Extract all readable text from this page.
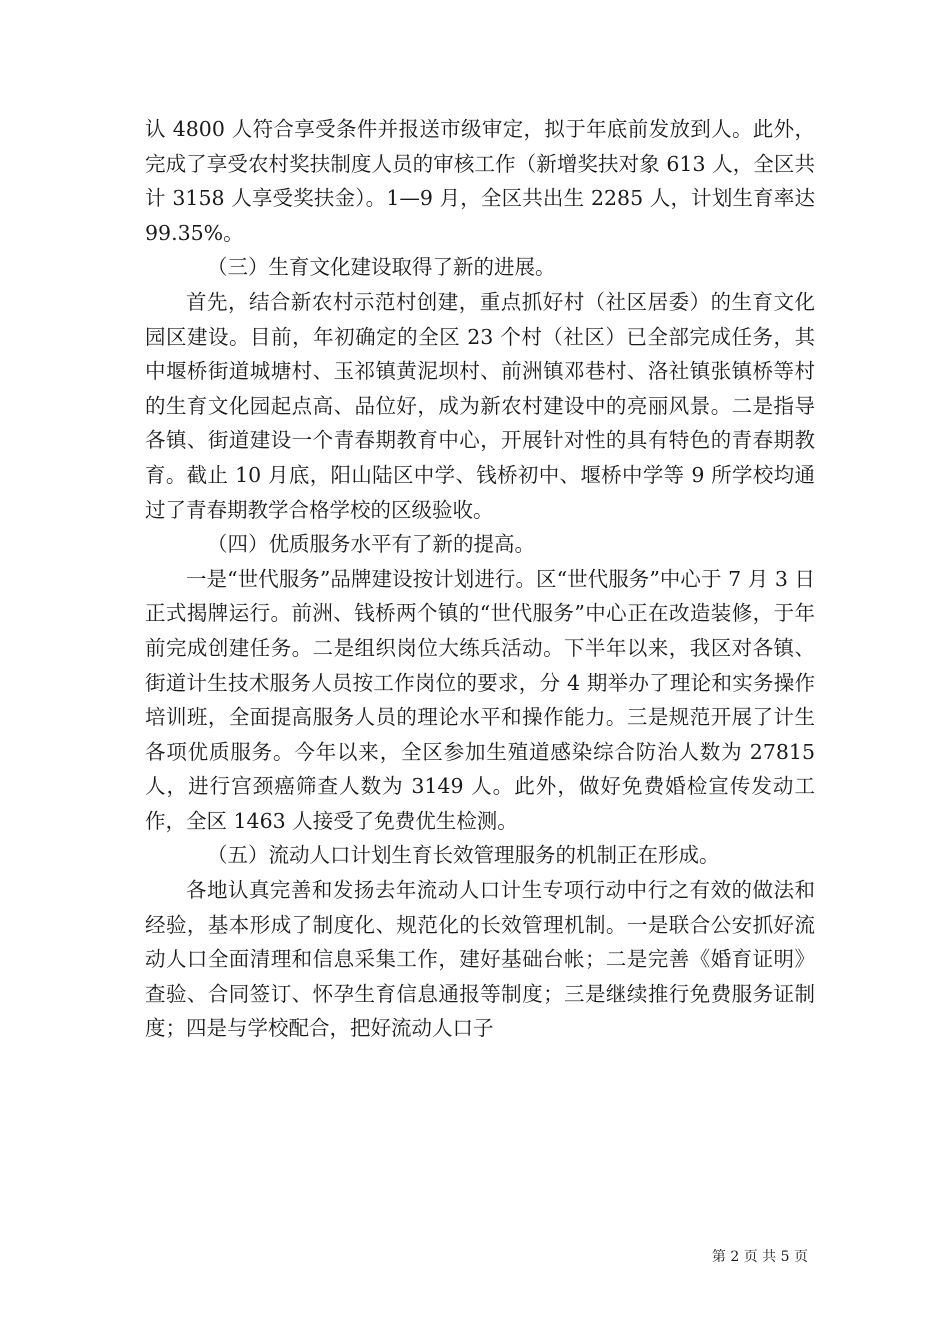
认 4800 人符合享受条件并报送市级审定，拟于年底前发放到人。此外，完成了享受农村奖扶制度人员的审核工作（新增奖扶对象 613 人，全区共计 3158 人享受奖扶金）。1—9 月，全区共出生 2285 人，计划生育率达 99.35%。

（三）生育文化建设取得了新的进展。

首先，结合新农村示范村创建，重点抓好村（社区居委）的生育文化园区建设。目前，年初确定的全区 23 个村（社区）已全部完成任务，其中堰桥街道城塘村、玉祁镇黄泥坝村、前洲镇邓巷村、洛社镇张镇桥等村的生育文化园起点高、品位好，成为新农村建设中的亮丽风景。二是指导各镇、街道建设一个青春期教育中心，开展针对性的具有特色的青春期教育。截止 10 月底，阳山陆区中学、钱桥初中、堰桥中学等 9 所学校均通过了青春期教学合格学校的区级验收。

（四）优质服务水平有了新的提高。

一是“世代服务”品牌建设按计划进行。区“世代服务”中心于 7 月 3 日正式揭牌运行。前洲、钱桥两个镇的“世代服务”中心正在改造装修，于年前完成创建任务。二是组织岗位大练兵活动。下半年以来，我区对各镇、街道计生技术服务人员按工作岗位的要求，分 4 期举办了理论和实务操作培训班，全面提高服务人员的理论水平和操作能力。三是规范开展了计生各项优质服务。今年以来，全区参加生殖道感染综合防治人数为 27815 人，进行宫颈癌筛查人数为 3149 人。此外，做好免费婚检宣传发动工作，全区 1463 人接受了免费优生检测。

（五）流动人口计划生育长效管理服务的机制正在形成。

各地认真完善和发扬去年流动人口计生专项行动中行之有效的做法和经验，基本形成了制度化、规范化的长效管理机制。一是联合公安抓好流动人口全面清理和信息采集工作，建好基础台帐；二是完善《婚育证明》查验、合同签订、怀孕生育信息通报等制度；三是继续推行免费服务证制度；四是与学校配合，把好流动人口子

第 2 页 共 5 页
